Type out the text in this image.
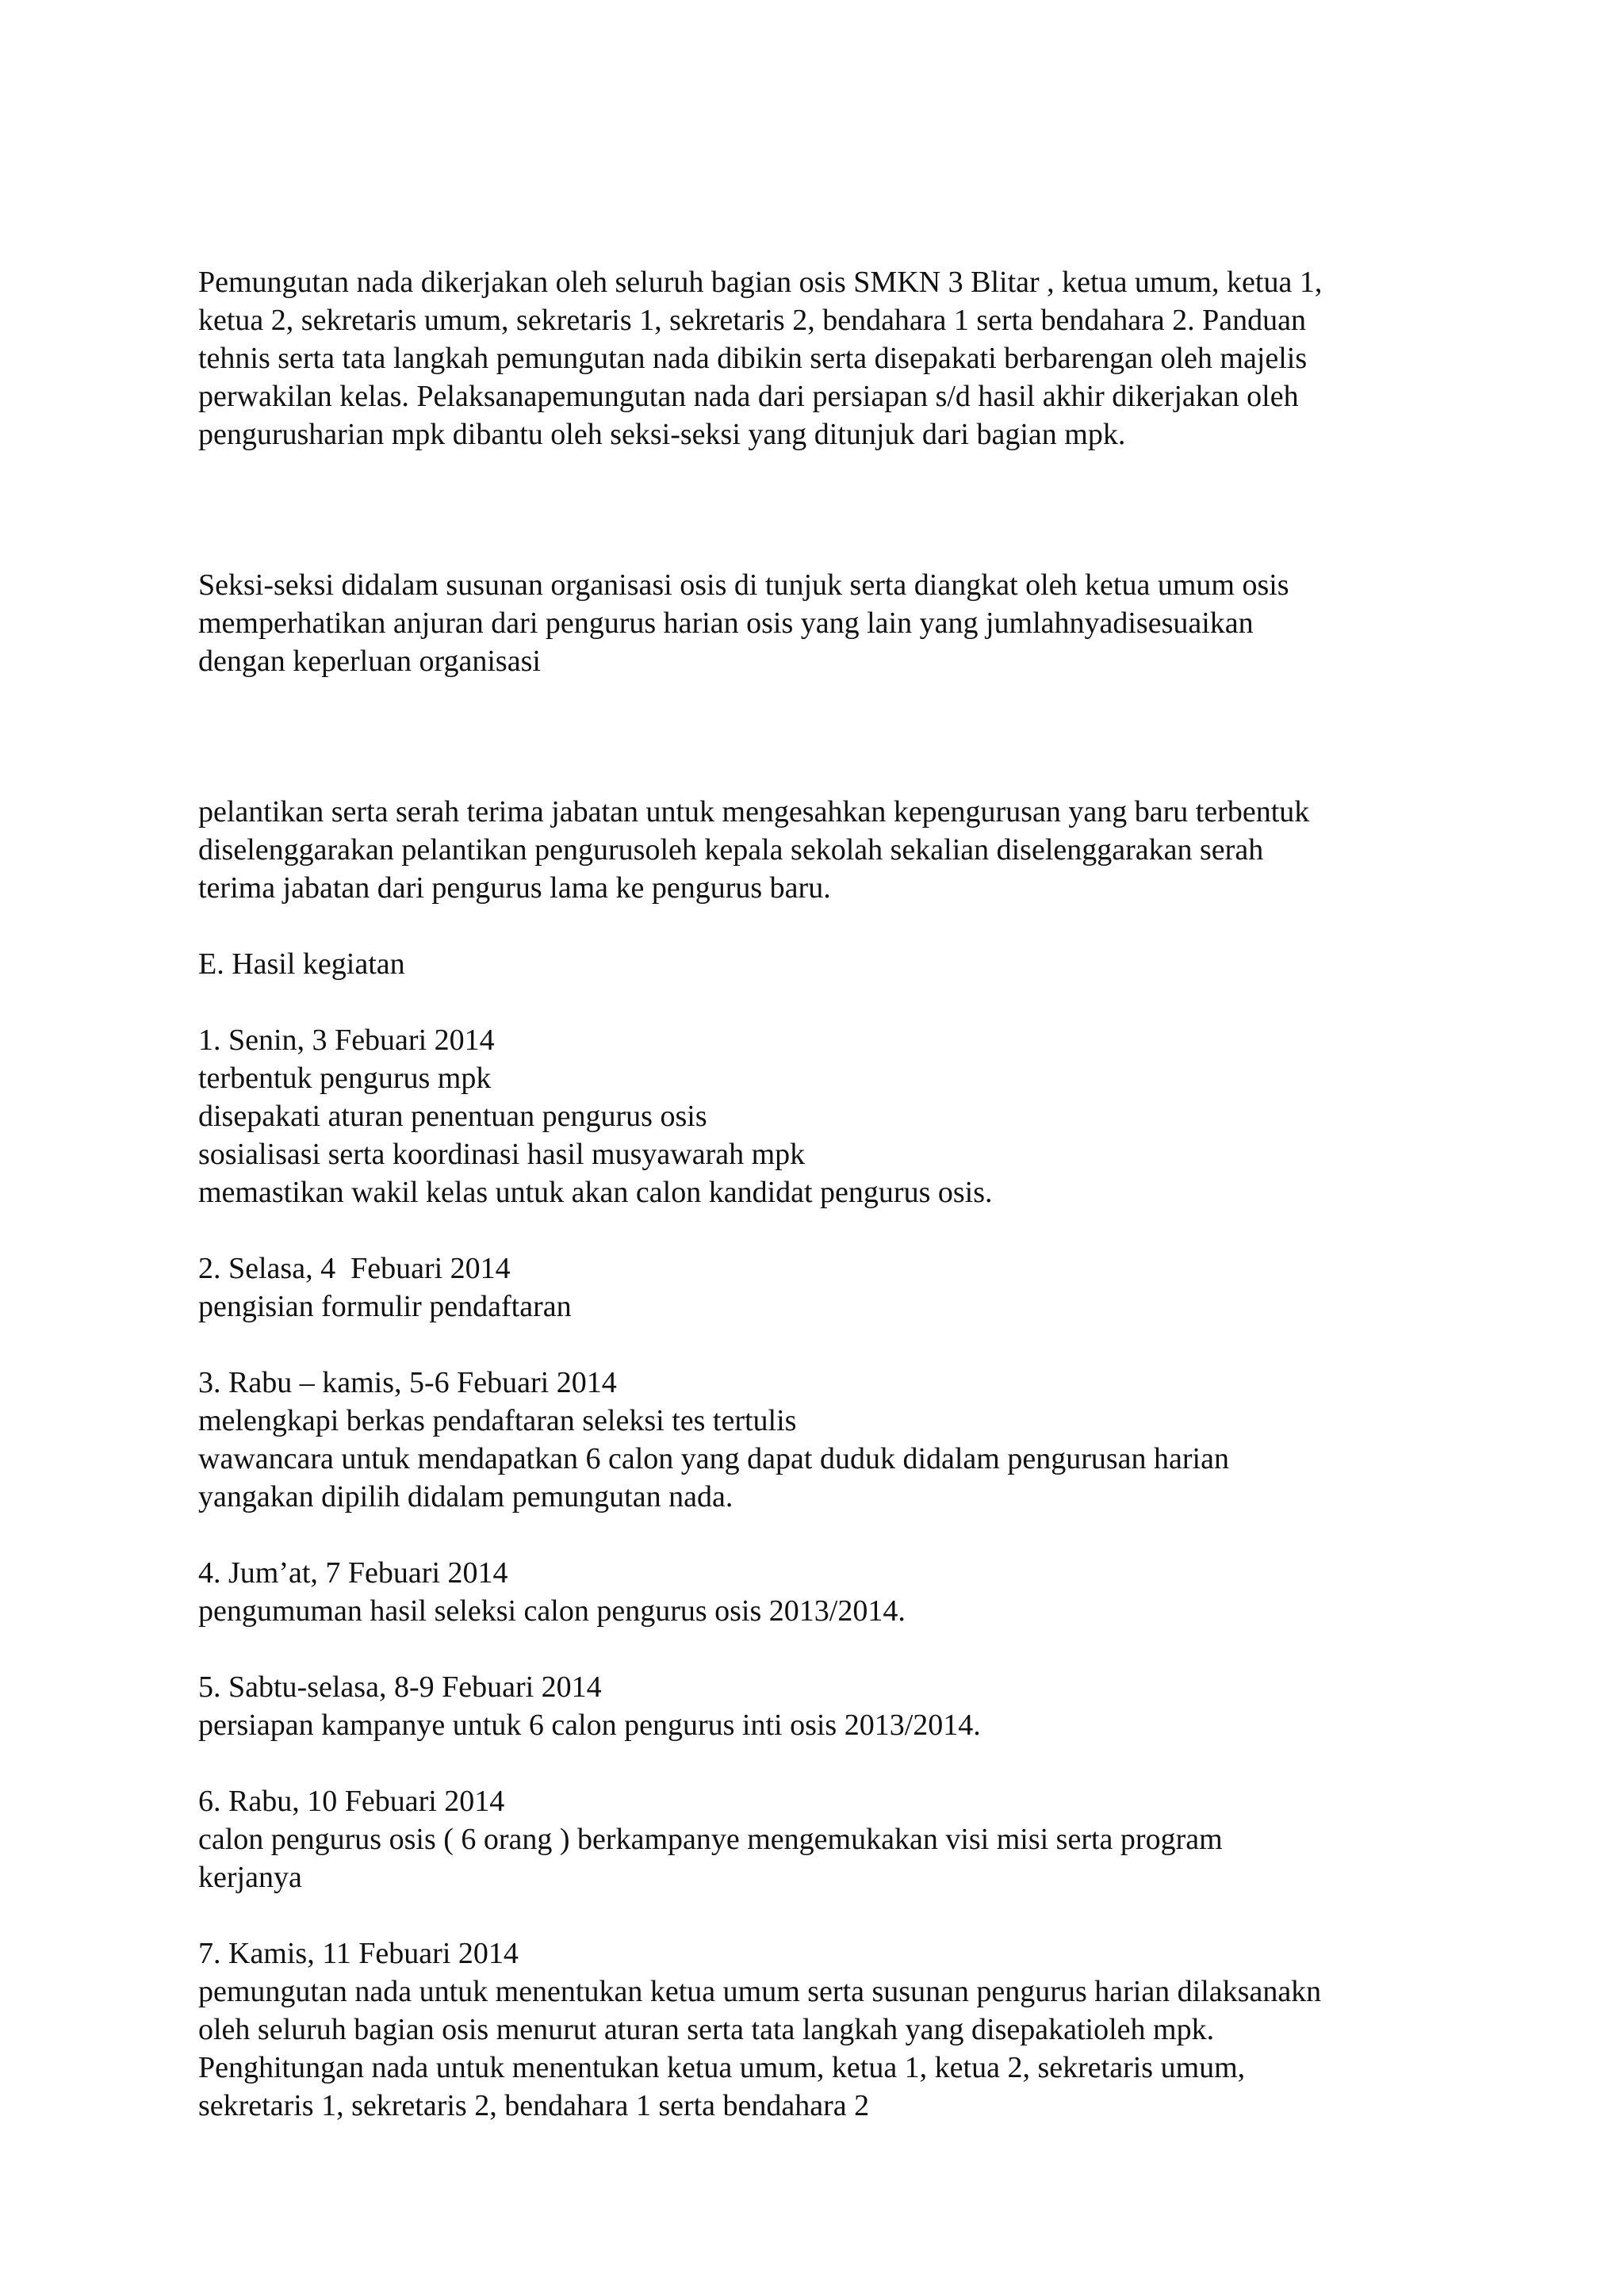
Pemungutan nada dikerjakan oleh seluruh bagian osis SMKN 3 Blitar , ketua umum, ketua 1,
ketua 2, sekretaris umum, sekretaris 1, sekretaris 2, bendahara 1 serta bendahara 2. Panduan
tehnis serta tata langkah pemungutan nada dibikin serta disepakati berbarengan oleh majelis
perwakilan kelas. Pelaksanapemungutan nada dari persiapan s/d hasil akhir dikerjakan oleh
pengurusharian mpk dibantu oleh seksi-seksi yang ditunjuk dari bagian mpk.
Seksi-seksi didalam susunan organisasi osis di tunjuk serta diangkat oleh ketua umum osis
memperhatikan anjuran dari pengurus harian osis yang lain yang jumlahnyadisesuaikan
dengan keperluan organisasi
pelantikan serta serah terima jabatan untuk mengesahkan kepengurusan yang baru terbentuk
diselenggarakan pelantikan pengurusoleh kepala sekolah sekalian diselenggarakan serah
terima jabatan dari pengurus lama ke pengurus baru.
E. Hasil kegiatan
1. Senin, 3 Febuari 2014
terbentuk pengurus mpk
disepakati aturan penentuan pengurus osis
sosialisasi serta koordinasi hasil musyawarah mpk
memastikan wakil kelas untuk akan calon kandidat pengurus osis.
2. Selasa, 4  Febuari 2014
pengisian formulir pendaftaran
3. Rabu – kamis, 5-6 Febuari 2014
melengkapi berkas pendaftaran seleksi tes tertulis
wawancara untuk mendapatkan 6 calon yang dapat duduk didalam pengurusan harian
yangakan dipilih didalam pemungutan nada.
4. Jum’at, 7 Febuari 2014
pengumuman hasil seleksi calon pengurus osis 2013/2014.
5. Sabtu-selasa, 8-9 Febuari 2014
persiapan kampanye untuk 6 calon pengurus inti osis 2013/2014.
6. Rabu, 10 Febuari 2014
calon pengurus osis ( 6 orang ) berkampanye mengemukakan visi misi serta program
kerjanya
7. Kamis, 11 Febuari 2014
pemungutan nada untuk menentukan ketua umum serta susunan pengurus harian dilaksanakn
oleh seluruh bagian osis menurut aturan serta tata langkah yang disepakatioleh mpk.
Penghitungan nada untuk menentukan ketua umum, ketua 1, ketua 2, sekretaris umum,
sekretaris 1, sekretaris 2, bendahara 1 serta bendahara 2
